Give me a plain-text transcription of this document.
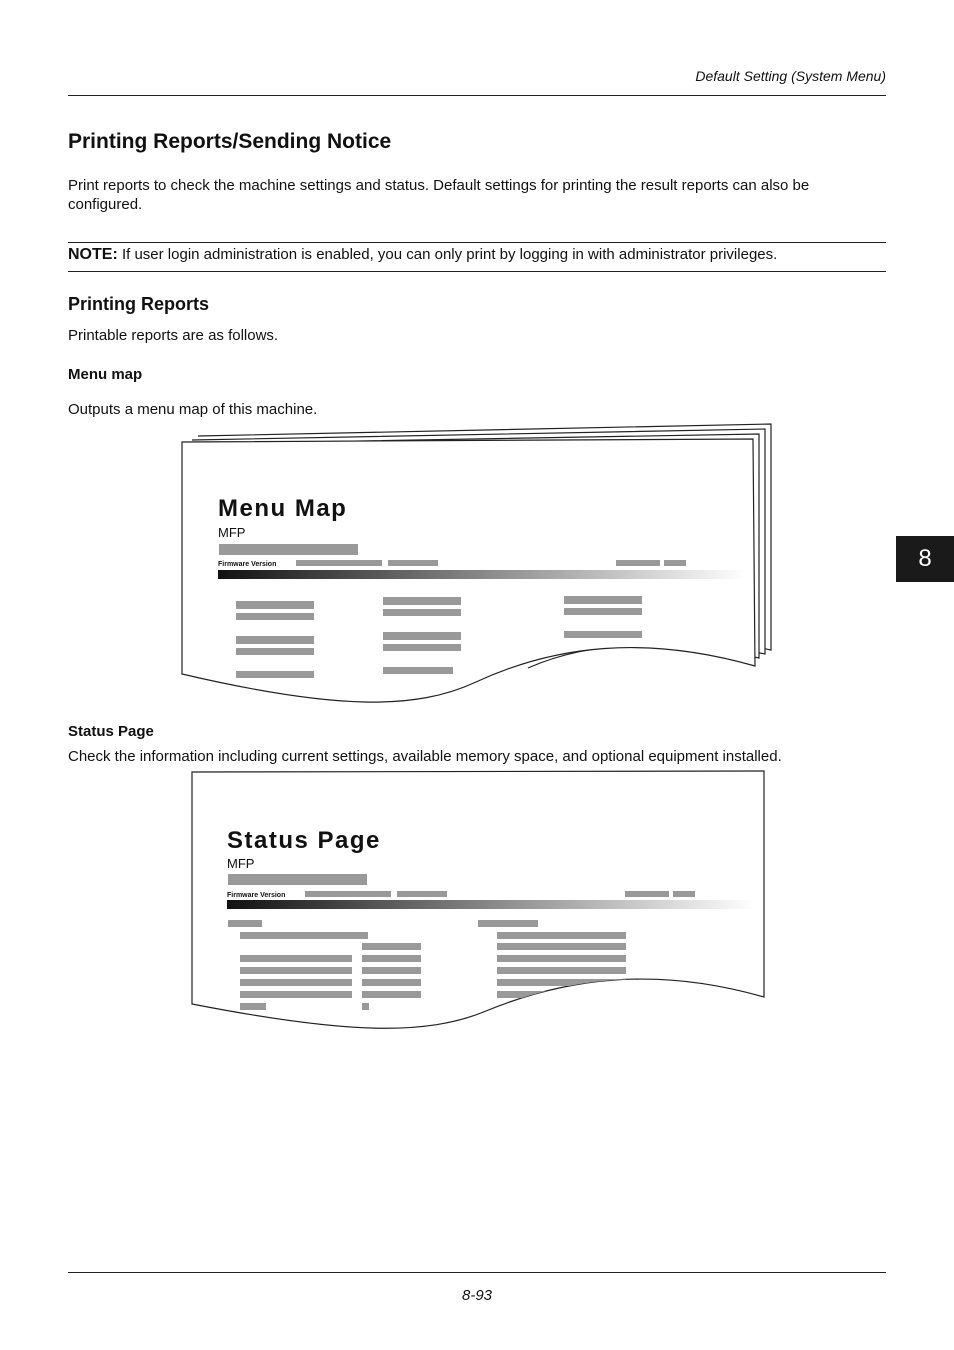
Default Setting (System Menu)
8
Printing Reports/Sending Notice
Print reports to check the machine settings and status. Default settings for printing the result reports can also be configured.
NOTE: If user login administration is enabled, you can only print by logging in with administrator privileges.
Printing Reports
Printable reports are as follows.
Menu map
Outputs a menu map of this machine.
Menu Map
MFP
Firmware Version
Status Page
Check the information including current settings, available memory space, and optional equipment installed.
Status Page
MFP
Firmware Version
8-93
